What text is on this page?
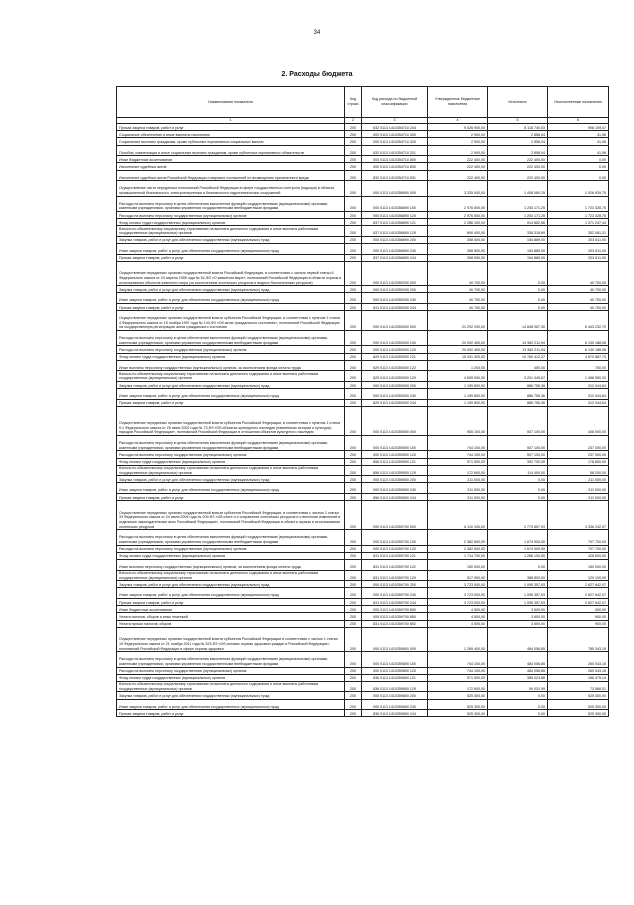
34
2. Расходы бюджета
Наименование показателя	Код строки	Код расхода по бюджетной классификации	Утвержденные бюджетные назначения	Исполнено	Неисполненные назначения
1	2	3	4	5	6
Прочая закупка товаров, работ и услуг	200	832 0113 1410354710 244	9 026 900,00	8 118 740,53	908 159,47
Социальное обеспечение и иные выплаты населению	200	000 0113 1410354710 300	2 900,00	2 858,04	41,96
Социальные выплаты гражданам, кроме публичных нормативных социальных выплат	200	000 0113 1410354710 320	2 900,00	2 858,04	41,96
Пособия, компенсации и иные социальные выплаты гражданам, кроме публичных нормативных обязательств	200	832 0113 1410354710 321	2 900,00	2 858,04	41,96
Иные бюджетные ассигнования	200	000 0113 1410354710 800	222 400,00	222 400,00	0,00
Исполнение судебных актов	200	000 0113 1410354710 830	222 400,00	222 400,00	0,00
Исполнение судебных актов Российской Федерации и мировых соглашений по возмещению причиненного вреда	200	832 0113 1410354710 831	222 400,00	222 400,00	0,00
Осуществление части переданных полномочий Российской Федерации в сфере государственного контроля (надзора) в области промышленной безопасности, электроэнергетики и безопасности гидротехнических сооружений	200	000 0113 1410356890 000	3 335 000,00	1 408 060,25	1 926 939,75
Расходы на выплаты персоналу в целях обеспечения выполнения функций государственными (муниципальными) органами, казенными учреждениями, органами управления государственными внебюджетными фондами	200	000 0113 1410356890 100	2 976 500,00	1 253 171,25	1 723 328,75
Расходы на выплаты персоналу государственных (муниципальных) органов	200	000 0113 1410356890 120	2 976 500,00	1 253 171,25	1 723 328,75
Фонд оплаты труда государственных (муниципальных) органов	200	837 0113 1410356890 121	2 286 100,00	914 852,56	1 371 247,44
Взносы по обязательному социальному страхованию на выплаты денежного содержания и иные выплаты работникам государственных (муниципальных) органов	200	837 0113 1410356890 129	690 400,00	338 318,69	352 081,31
Закупка товаров, работ и услуг для обеспечения государственных (муниципальных) нужд	200	000 0113 1410356890 200	358 500,00	154 889,00	203 611,00
Иные закупки товаров, работ и услуг для обеспечения государственных (муниципальных) нужд	200	000 0113 1410356890 240	358 500,00	154 889,00	203 611,00
Прочая закупка товаров, работ и услуг	200	837 0113 1410356890 244	358 500,00	154 889,00	203 611,00
Осуществление переданных органам государственной власти Российской Федерации, в соответствии с частью первой статьи 6 Федерального закона от 24 апреля 1995 года № 52-ФЗ «О животном мире», полномочий Российской Федерации в области охраны и использования объектов животного мира (за исключением охотничьих ресурсов и водных биологических ресурсов)	200	000 0113 1410359200 000	40 700,00	0,00	40 700,00
Закупка товаров, работ и услуг для обеспечения государственных (муниципальных) нужд	200	000 0113 1410359200 200	40 700,00	0,00	40 700,00
Иные закупки товаров, работ и услуг для обеспечения государственных (муниципальных) нужд	200	000 0113 1410359200 240	40 700,00	0,00	40 700,00
Прочая закупка товаров, работ и услуг	200	831 0113 1410359200 244	40 700,00	0,00	40 700,00
Осуществление переданных органам государственной власти субъектов Российской Федерации, в соответствии с пунктом 1 статьи 4 Федерального закона от 15 ноября 1997 года № 143-ФЗ «Об актах гражданского состояния», полномочий Российской Федерации на государственную регистрацию актов гражданского состояния	200	000 0113 1410359300 000	21 292 200,00	14 848 967,30	6 443 232,70
Расходы на выплаты персоналу в целях обеспечения выполнения функций государственными (муниципальными) органами, казенными учреждениями, органами управления государственными внебюджетными фондами	200	000 0113 1410359300 100	20 092 400,00	13 962 211,94	6 130 188,06
Расходы на выплаты персоналу государственных (муниципальных) органов	200	000 0113 1410359300 120	20 092 400,00	13 962 211,94	6 130 188,06
Фонд оплаты труда государственных (муниципальных) органов	200	829 0113 1410359300 121	15 431 300,00	10 760 412,27	4 670 887,73
Иные выплаты персоналу государственных (муниципальных) органов, за исключением фонда оплаты труда	200	829 0113 1410359300 122	1 200,00	450,00	750,00
Взносы по обязательному социальному страхованию на выплаты денежного содержания и иные выплаты работникам государственных (муниципальных) органов	200	829 0113 1410359300 129	4 659 900,00	3 201 349,67	1 458 550,33
Закупка товаров, работ и услуг для обеспечения государственных (муниципальных) нужд	200	000 0113 1410359300 200	1 199 800,00	886 755,36	312 044,64
Иные закупки товаров, работ и услуг для обеспечения государственных (муниципальных) нужд	200	000 0113 1410359300 240	1 199 800,00	886 755,36	312 044,64
Прочая закупка товаров, работ и услуг	200	829 0113 1410359300 244	1 199 800,00	886 755,36	312 044,64
Осуществление переданных органам государственной власти субъектов Российской Федерации, в соответствии с пунктом 1 статьи 9.1 Федерального закона от 25 июня 2002 года № 73-ФЗ «Об объектах культурного наследия (памятниках истории и культуры) народов Российской Федерации», полномочий Российской Федерации в отношении объектов культурного наследия	200	000 0113 1410359500 000	955 100,00	507 100,00	448 000,00
Расходы на выплаты персоналу в целях обеспечения выполнения функций государственными (муниципальными) органами, казенными учреждениями, органами управления государственными внебюджетными фондами	200	000 0113 1410359500 100	744 100,00	507 100,00	237 000,00
Расходы на выплаты персоналу государственных (муниципальных) органов	200	000 0113 1410359500 120	744 100,00	507 100,00	237 000,00
Фонд оплаты труда государственных (муниципальных) органов	200	856 0113 1410359500 121	571 500,00	392 700,00	178 800,00
Взносы по обязательному социальному страхованию на выплаты денежного содержания и иные выплаты работникам государственных (муниципальных) органов	200	856 0113 1410359500 129	172 600,00	114 400,00	58 200,00
Закупка товаров, работ и услуг для обеспечения государственных (муниципальных) нужд	200	000 0113 1410359500 200	211 000,00	0,00	211 000,00
Иные закупки товаров, работ и услуг для обеспечения государственных (муниципальных) нужд	200	000 0113 1410359500 240	211 000,00	0,00	211 000,00
Прочая закупка товаров, работ и услуг	200	856 0113 1410359500 244	211 000,00	0,00	211 000,00
Осуществление переданных органам государственной власти субъектов Российской Федерации, в соответствии с частью 1 статьи 33 Федерального закона от 24 июля 2009 года № 209-ФЗ «Об охоте и о сохранении охотничьих ресурсов и о внесении изменений в отдельные законодательные акты Российской Федерации», полномочий Российской Федерации в области охраны и использования охотничьих ресурсов	200	000 0113 1410359700 000	6 110 100,00	2 773 857,93	3 336 242,07
Расходы на выплаты персоналу в целях обеспечения выполнения функций государственными (муниципальными) органами, казенными учреждениями, органами управления государственными внебюджетными фондами	200	000 0113 1410359700 100	2 382 600,00	1 674 900,00	707 700,00
Расходы на выплаты персоналу государственных (муниципальных) органов	200	000 0113 1410359700 120	2 382 600,00	1 674 900,00	707 700,00
Фонд оплаты труда государственных (муниципальных) органов	200	831 0113 1410359700 121	1 714 700,00	1 286 100,00	428 600,00
Иные выплаты персоналу государственных (муниципальных) органов, за исключением фонда оплаты труда	200	831 0113 1410359700 122	150 000,00	0,00	150 000,00
Взносы по обязательному социальному страхованию на выплаты денежного содержания и иные выплаты работникам государственных (муниципальных) органов	200	831 0113 1410359700 129	517 900,00	388 800,00	129 100,00
Закупка товаров, работ и услуг для обеспечения государственных (муниципальных) нужд	200	000 0113 1410359700 200	3 723 000,00	1 095 357,93	2 627 642,07
Иные закупки товаров, работ и услуг для обеспечения государственных (муниципальных) нужд	200	000 0113 1410359700 240	3 723 000,00	1 095 357,93	2 627 642,07
Прочая закупка товаров, работ и услуг	200	831 0113 1410359700 244	3 723 000,00	1 095 357,93	2 627 642,07
Иные бюджетные ассигнования	200	000 0113 1410359700 800	4 500,00	3 600,00	900,00
Уплата налогов, сборов и иных платежей	200	000 0113 1410359700 850	4 500,00	3 600,00	900,00
Уплата прочих налогов, сборов	200	831 0113 1410359700 852	4 500,00	3 600,00	900,00
Осуществление переданных органам государственной власти субъектов Российской Федерации в соответствии с частью 1 статьи 15 Федерального закона от 21 ноября 2011 года № 323-ФЗ «Об основах охраны здоровья граждан в Российской Федерации», полномочий Российской Федерации в сфере охраны здоровья	200	000 0113 1410359800 000	1 269 400,00	484 056,85	785 343,15
Расходы на выплаты персоналу в целях обеспечения выполнения функций государственными (муниципальными) органами, казенными учреждениями, органами управления государственными внебюджетными фондами	200	000 0113 1410359800 100	744 100,00	484 056,85	260 043,15
Расходы на выплаты персоналу государственных (муниципальных) органов	200	000 0113 1410359800 120	744 100,00	484 056,85	260 043,15
Фонд оплаты труда государственных (муниципальных) органов	200	836 0113 1410359800 121	571 500,00	385 024,86	186 475,14
Взносы по обязательному социальному страхованию на выплаты денежного содержания и иные выплаты работникам государственных (муниципальных) органов	200	836 0113 1410359800 129	172 600,00	99 031,99	73 568,01
Закупка товаров, работ и услуг для обеспечения государственных (муниципальных) нужд	200	000 0113 1410359800 200	525 300,00	0,00	525 300,00
Иные закупки товаров, работ и услуг для обеспечения государственных (муниципальных) нужд	200	000 0113 1410359800 240	525 300,00	0,00	525 300,00
Прочая закупка товаров, работ и услуг	200	836 0113 1410359800 244	525 300,00	0,00	525 300,00
